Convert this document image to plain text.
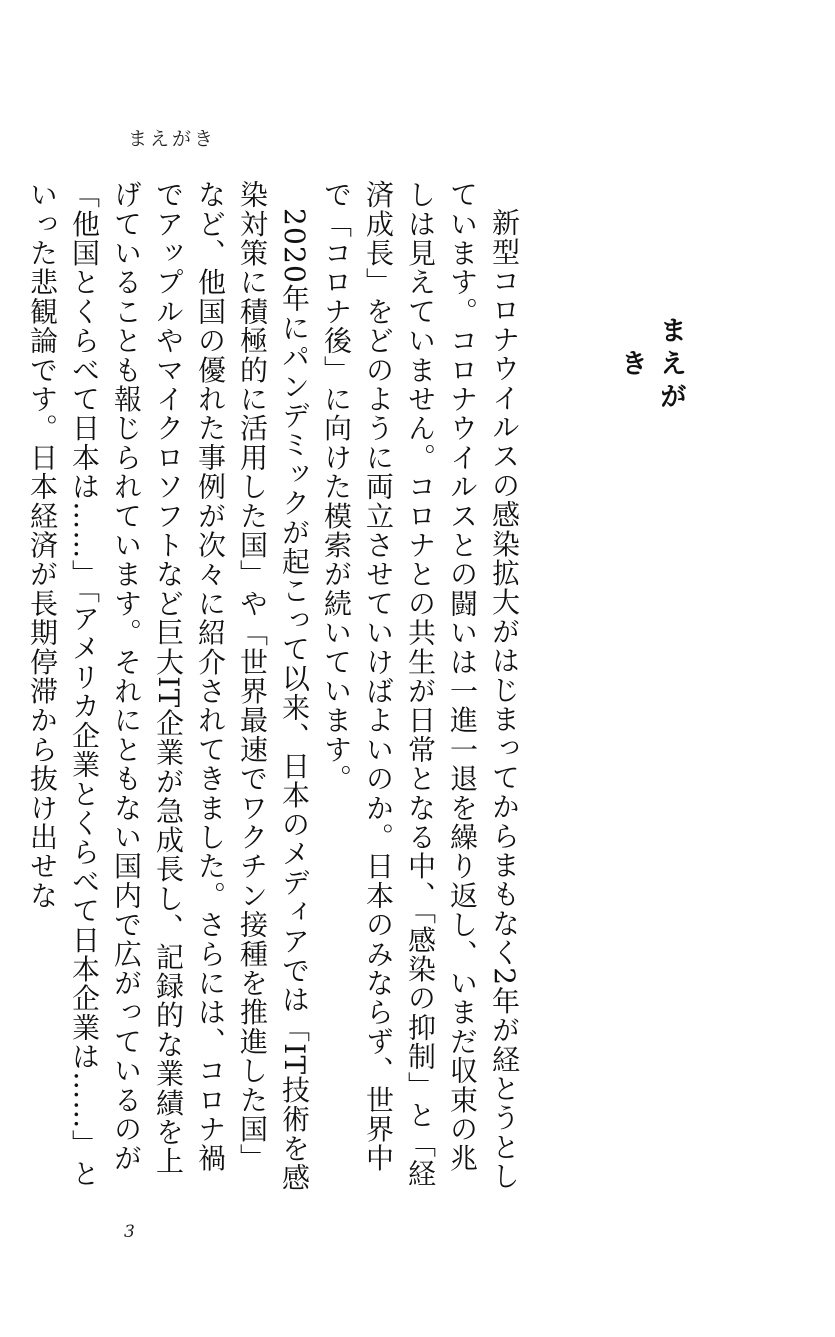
まえがき
まえがき

新型コロナウイルスの感染拡大がはじまってからまもなく2年が経とうとしています。コロナウイルスとの闘いは一進一退を繰り返し、いまだ収束の兆しは見えていません。コロナとの共生が日常となる中、「感染の抑制」と「経済成長」をどのように両立させていけばよいのか。日本のみならず、世界中で「コロナ後」に向けた模索が続いています。

2020年にパンデミックが起こって以来、日本のメディアでは「IT技術を感染対策に積極的に活用した国」や「世界最速でワクチン接種を推進した国」など、他国の優れた事例が次々に紹介されてきました。さらには、コロナ禍でアップルやマイクロソフトなど巨大IT企業が急成長し、記録的な業績を上げていることも報じられています。それにともない国内で広がっているのが「他国とくらべて日本は……」「アメリカ企業とくらべて日本企業は……」といった悲観論です。日本経済が長期停滞から抜け出せな

3
